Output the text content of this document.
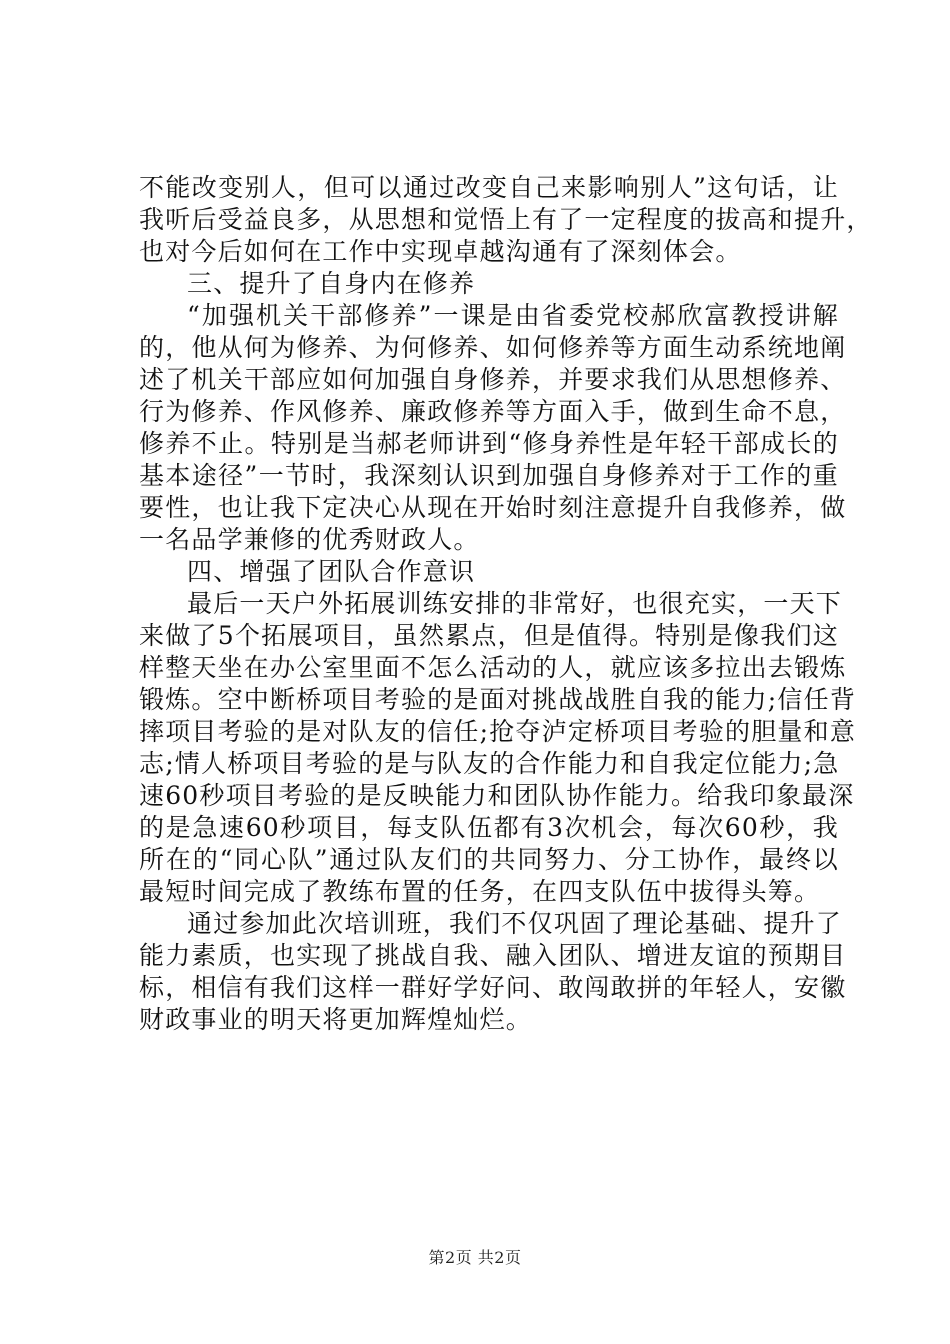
不能改变别人，但可以通过改变自己来影响别人”这句话，让
我听后受益良多，从思想和觉悟上有了一定程度的拔高和提升，
也对今后如何在工作中实现卓越沟通有了深刻体会。
三、提升了自身内在修养
“加强机关干部修养”一课是由省委党校郝欣富教授讲解
的，他从何为修养、为何修养、如何修养等方面生动系统地阐
述了机关干部应如何加强自身修养，并要求我们从思想修养、
行为修养、作风修养、廉政修养等方面入手，做到生命不息，
修养不止。特别是当郝老师讲到“修身养性是年轻干部成长的
基本途径”一节时，我深刻认识到加强自身修养对于工作的重
要性，也让我下定决心从现在开始时刻注意提升自我修养，做
一名品学兼修的优秀财政人。
四、增强了团队合作意识
最后一天户外拓展训练安排的非常好，也很充实，一天下
来做了5个拓展项目，虽然累点，但是值得。特别是像我们这
样整天坐在办公室里面不怎么活动的人，就应该多拉出去锻炼
锻炼。空中断桥项目考验的是面对挑战战胜自我的能力;信任背
摔项目考验的是对队友的信任;抢夺泸定桥项目考验的胆量和意
志;情人桥项目考验的是与队友的合作能力和自我定位能力;急
速60秒项目考验的是反映能力和团队协作能力。给我印象最深
的是急速60秒项目，每支队伍都有3次机会，每次60秒，我
所在的“同心队”通过队友们的共同努力、分工协作，最终以
最短时间完成了教练布置的任务，在四支队伍中拔得头筹。
通过参加此次培训班，我们不仅巩固了理论基础、提升了
能力素质，也实现了挑战自我、融入团队、增进友谊的预期目
标，相信有我们这样一群好学好问、敢闯敢拼的年轻人，安徽
财政事业的明天将更加辉煌灿烂。
第2页 共2页
